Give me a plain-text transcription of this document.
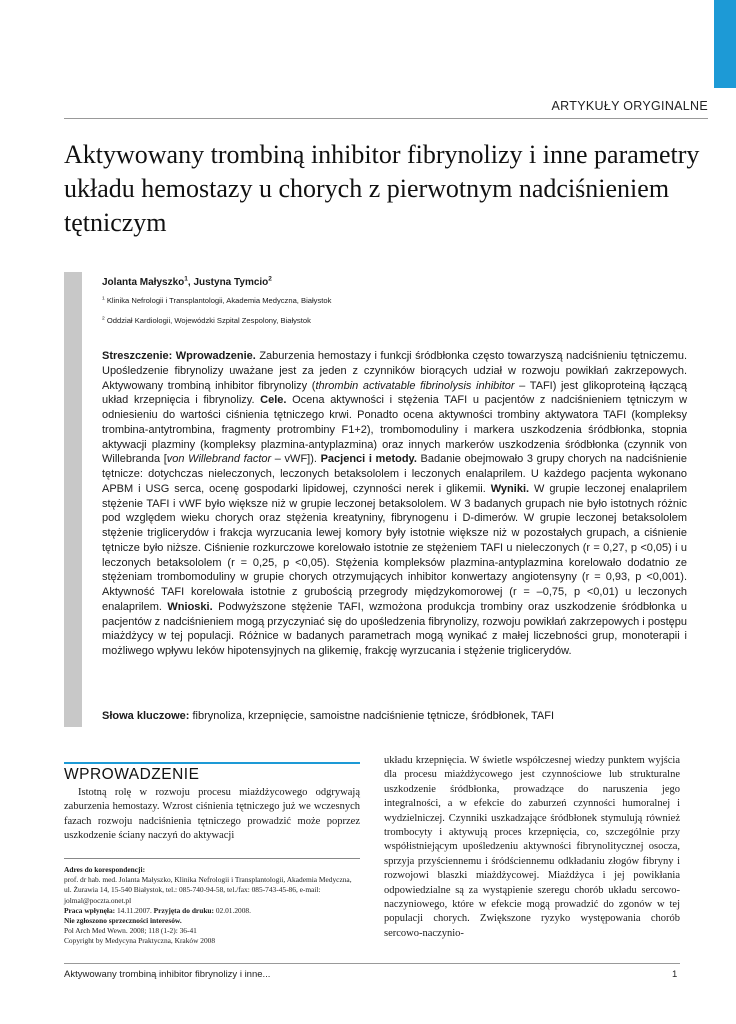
ARTYKUŁY ORYGINALNE
Aktywowany trombiną inhibitor fibrynolizy i inne parametry układu hemostazy u chorych z pierwotnym nadciśnieniem tętniczym
Jolanta Małyszko$^1$, Justyna Tymcio$^2$
$^1$ Klinika Nefrologii i Transplantologii, Akademia Medyczna, Białystok
$^2$ Oddział Kardiologii, Wojewódzki Szpital Zespolony, Białystok

Streszczenie: Wprowadzenie. Zaburzenia hemostazy i funkcji śródbłonka często towarzyszą nadciśnieniu tętniczemu. Upośledzenie fibrynolizy uważane jest za jeden z czynników biorących udział w rozwoju powikłań zakrzepowych. Aktywowany trombiną inhibitor fibrynolizy (thrombin activatable fibrinolysis inhibitor – TAFI) jest glikoproteiną łączącą układ krzepnięcia i fibrynolizy. Cele. Ocena aktywności i stężenia TAFI u pacjentów z nadciśnieniem tętniczym w odniesieniu do wartości ciśnienia tętniczego krwi. Ponadto ocena aktywności trombiny aktywatora TAFI (kompleksy trombina-antytrombina, fragmenty protrombiny F1+2), trombomoduliny i markera uszkodzenia śródbłonka, stopnia aktywacji plazminy (kompleksy plazmina-antyplazmina) oraz innych markerów uszkodzenia śródbłonka (czynnik von Willebranda [von Willebrand factor – vWF]). Pacjenci i metody. Badanie obejmowało 3 grupy chorych na nadciśnienie tętnicze: dotychczas nieleczonych, leczonych betaksololem i leczonych enalaprilem. U każdego pacjenta wykonano APBM i USG serca, ocenę gospodarki lipidowej, czynności nerek i glikemii. Wyniki. W grupie leczonej enalaprilem stężenie TAFI i vWF było większe niż w grupie leczonej betaksololem. W 3 badanych grupach nie było istotnych różnic pod względem wieku chorych oraz stężenia kreatyniny, fibrynogenu i D-dimerów. W grupie leczonej betaksololem stężenie triglicerydów i frakcja wyrzucania lewej komory były istotnie większe niż w pozostałych grupach, a ciśnienie tętnicze było niższe. Ciśnienie rozkurczowe korelowało istotnie ze stężeniem TAFI u nieleczonych (r = 0,27, p <0,05) i u leczonych betaksololem (r = 0,25, p <0,05). Stężenia kompleksów plazmina-antyplazmina korelowało dodatnio ze stężeniam trombomoduliny w grupie chorych otrzymujących inhibitor konwertazy angiotensyny (r = 0,93, p <0,001). Aktywność TAFI korelowała istotnie z grubością przegrody międzykomorowej (r = –0,75, p <0,01) u leczonych enalaprilem. Wnioski. Podwyższone stężenie TAFI, wzmożona produkcja trombiny oraz uszkodzenie śródbłonka u pacjentów z nadciśnieniem mogą przyczyniać się do upośledzenia fibrynolizy, rozwoju powikłań zakrzepowych i postępu miażdżycy w tej populacji. Różnice w badanych parametrach mogą wynikać z małej liczebności grup, monoterapii i możliwego wpływu leków hipotensyjnych na glikemię, frakcję wyrzucania i stężenie triglicerydów.

Słowa kluczowe: fibrynoliza, krzepnięcie, samoistne nadciśnienie tętnicze, śródbłonek, TAFI
WPROWADZENIE

Istotną rolę w rozwoju procesu miażdżycowego odgrywają zaburzenia hemostazy. Wzrost ciśnienia tętniczego już we wczesnych fazach rozwoju nadciśnienia tętniczego prowadzić może poprzez uszkodzenie ściany naczyń do aktywacji

Adres do korespondencji:
prof. dr hab. med. Jolanta Małyszko, Klinika Nefrologii i Transplantologii, Akademia Medyczna, ul. Żurawia 14, 15-540 Białystok, tel.: 085-740-94-58, tel./fax: 085-743-45-86, e-mail: jolmal@poczta.onet.pl
Praca wpłynęła: 14.11.2007. Przyjęta do druku: 02.01.2008.
Nie zgłoszono sprzeczności interesów.
Pol Arch Med Wewn. 2008; 118 (1-2): 36-41
Copyright by Medycyna Praktyczna, Kraków 2008

układu krzepnięcia. W świetle współczesnej wiedzy punktem wyjścia dla procesu miażdżycowego jest czynnościowe lub strukturalne uszkodzenie śródbłonka, prowadzące do naruszenia jego integralności, a w efekcie do zaburzeń czynności humoralnej i wydzielniczej. Czynniki uszkadzające śródbłonek stymulują również trombocyty i aktywują proces krzepnięcia, co, szczególnie przy współistniejącym upośledzeniu aktywności fibrynolitycznej osocza, sprzyja przyściennemu i śródściennemu odkładaniu złogów fibryny i rozwojowi blaszki miażdżycowej. Miażdżyca i jej powikłania odpowiedzialne są za wystąpienie szeregu chorób układu sercowo-naczyniowego, które w efekcie mogą prowadzić do zgonów w tej populacji chorych. Zwiększone ryzyko występowania chorób sercowo-naczynio-

Aktywowany trombiną inhibitor fibrynolizy i inne...	1
